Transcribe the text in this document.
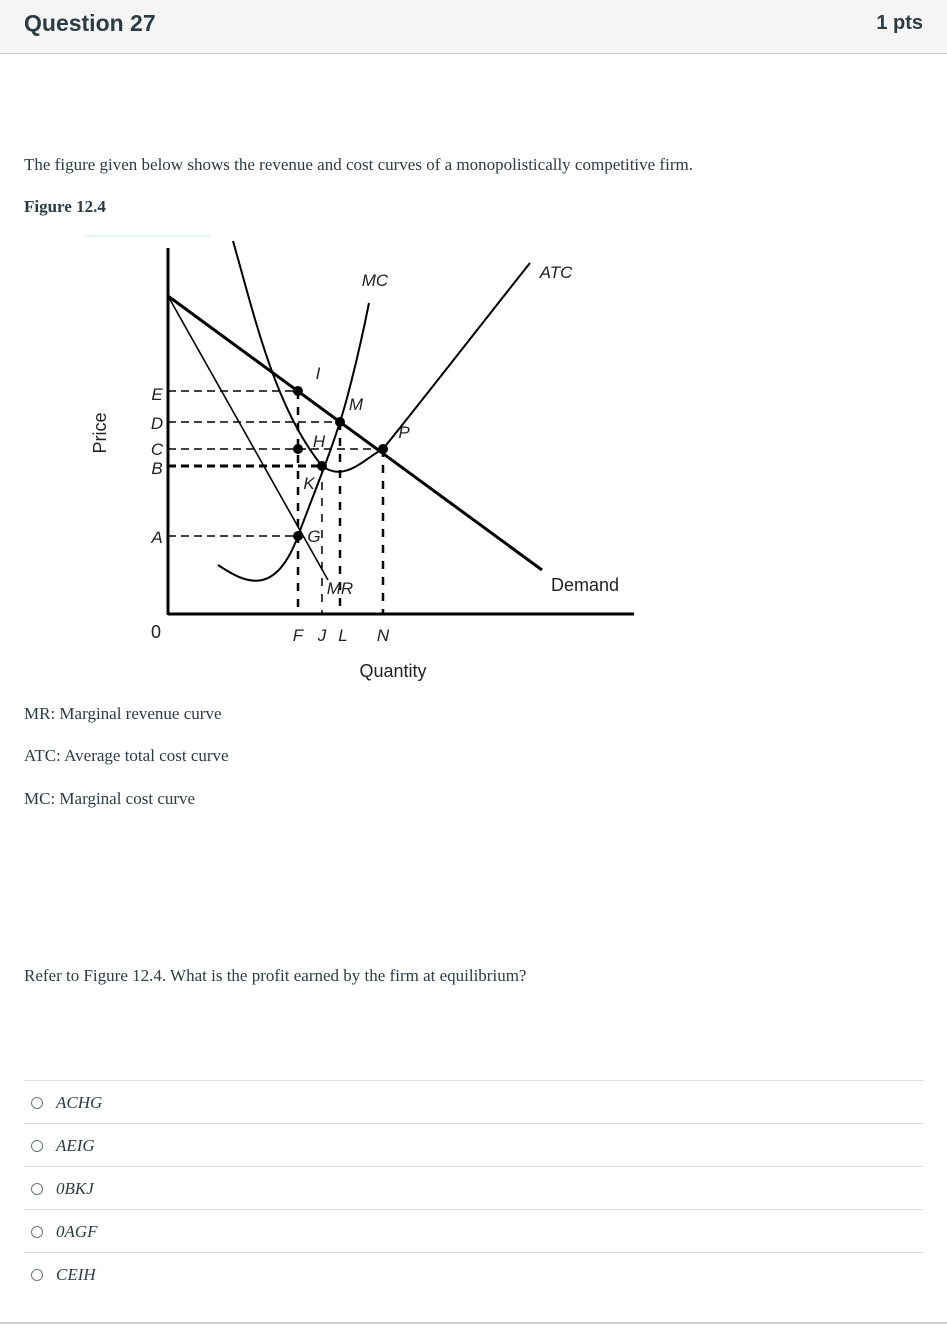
Question 27	1 pts
The figure given below shows the revenue and cost curves of a monopolistically competitive firm.
Figure 12.4
Price
Quantity
0
E
D
C
B
A
F J L N
MC	ATC
MR	Demand
I
M
H	P
K
G
MR: Marginal revenue curve
ATC: Average total cost curve
MC: Marginal cost curve
Refer to Figure 12.4. What is the profit earned by the firm at equilibrium?
ACHG
AEIG
0BKJ
0AGF
CEIH
